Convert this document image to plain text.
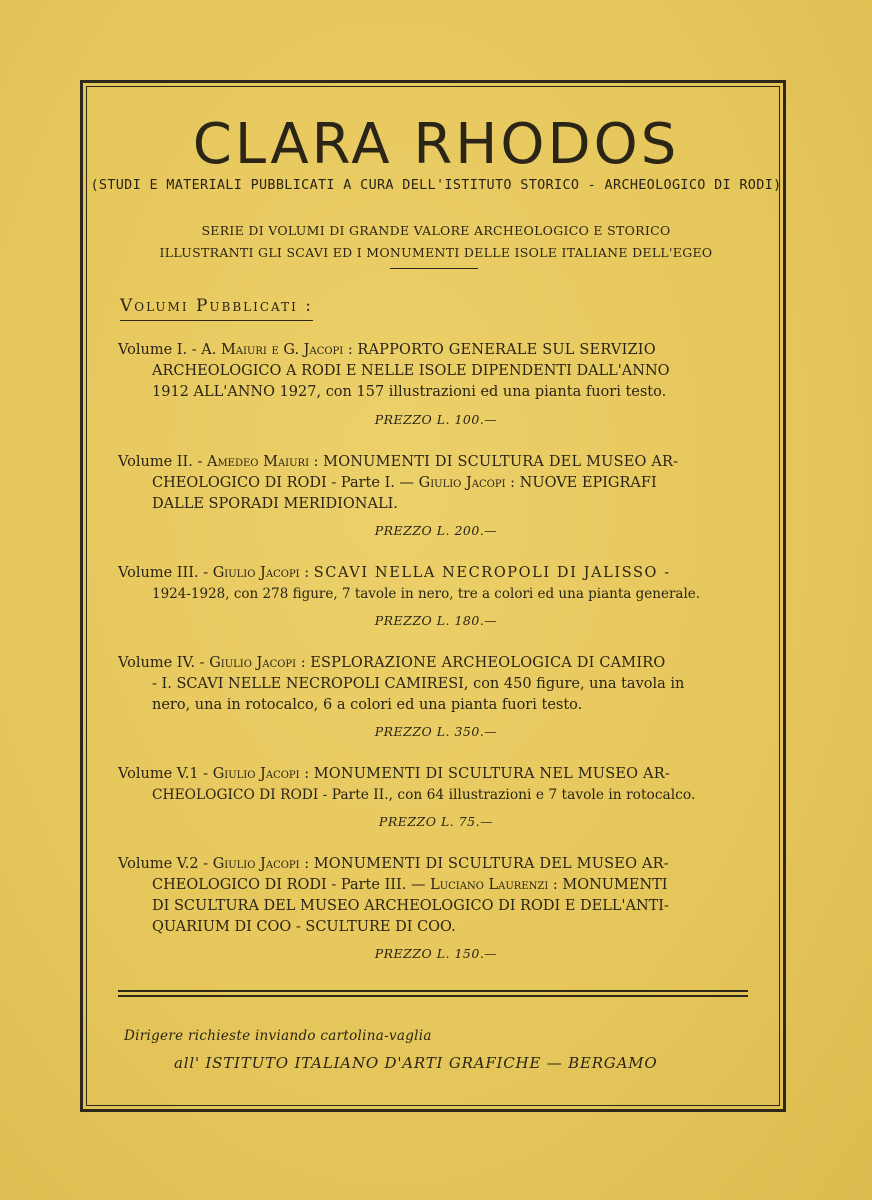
CLARA RHODOS
(STUDI E MATERIALI PUBBLICATI A CURA DELL'ISTITUTO STORICO - ARCHEOLOGICO DI RODI)
SERIE DI VOLUMI DI GRANDE VALORE ARCHEOLOGICO E STORICO
ILLUSTRANTI GLI SCAVI ED I MONUMENTI DELLE ISOLE ITALIANE DELL'EGEO
Volumi Pubblicati :
Volume I. - A. Maiuri e G. Jacopi : RAPPORTO GENERALE SUL SERVIZIO
ARCHEOLOGICO A RODI E NELLE ISOLE DIPENDENTI DALL'ANNO
1912 ALL'ANNO 1927, con 157 illustrazioni ed una pianta fuori testo.
PREZZO L. 100.—
Volume II. - Amedeo Maiuri : MONUMENTI DI SCULTURA DEL MUSEO AR-
CHEOLOGICO DI RODI - Parte I. — Giulio Jacopi : NUOVE EPIGRAFI
DALLE SPORADI MERIDIONALI.
PREZZO L. 200.—
Volume III. - Giulio Jacopi : SCAVI NELLA NECROPOLI DI JALISSO -
1924-1928, con 278 figure, 7 tavole in nero, tre a colori ed una pianta generale.
PREZZO L. 180.—
Volume IV. - Giulio Jacopi : ESPLORAZIONE ARCHEOLOGICA DI CAMIRO
- I. SCAVI NELLE NECROPOLI CAMIRESI, con 450 figure, una tavola in
nero, una in rotocalco, 6 a colori ed una pianta fuori testo.
PREZZO L. 350.—
Volume V.1 - Giulio Jacopi : MONUMENTI DI SCULTURA NEL MUSEO AR-
CHEOLOGICO DI RODI - Parte II., con 64 illustrazioni e 7 tavole in rotocalco.
PREZZO L. 75.—
Volume V.2 - Giulio Jacopi : MONUMENTI DI SCULTURA DEL MUSEO AR-
CHEOLOGICO DI RODI - Parte III. — Luciano Laurenzi : MONUMENTI
DI SCULTURA DEL MUSEO ARCHEOLOGICO DI RODI E DELL'ANTI-
QUARIUM DI COO - SCULTURE DI COO.
PREZZO L. 150.—
Dirigere richieste inviando cartolina-vaglia
all' ISTITUTO ITALIANO D'ARTI GRAFICHE — BERGAMO
